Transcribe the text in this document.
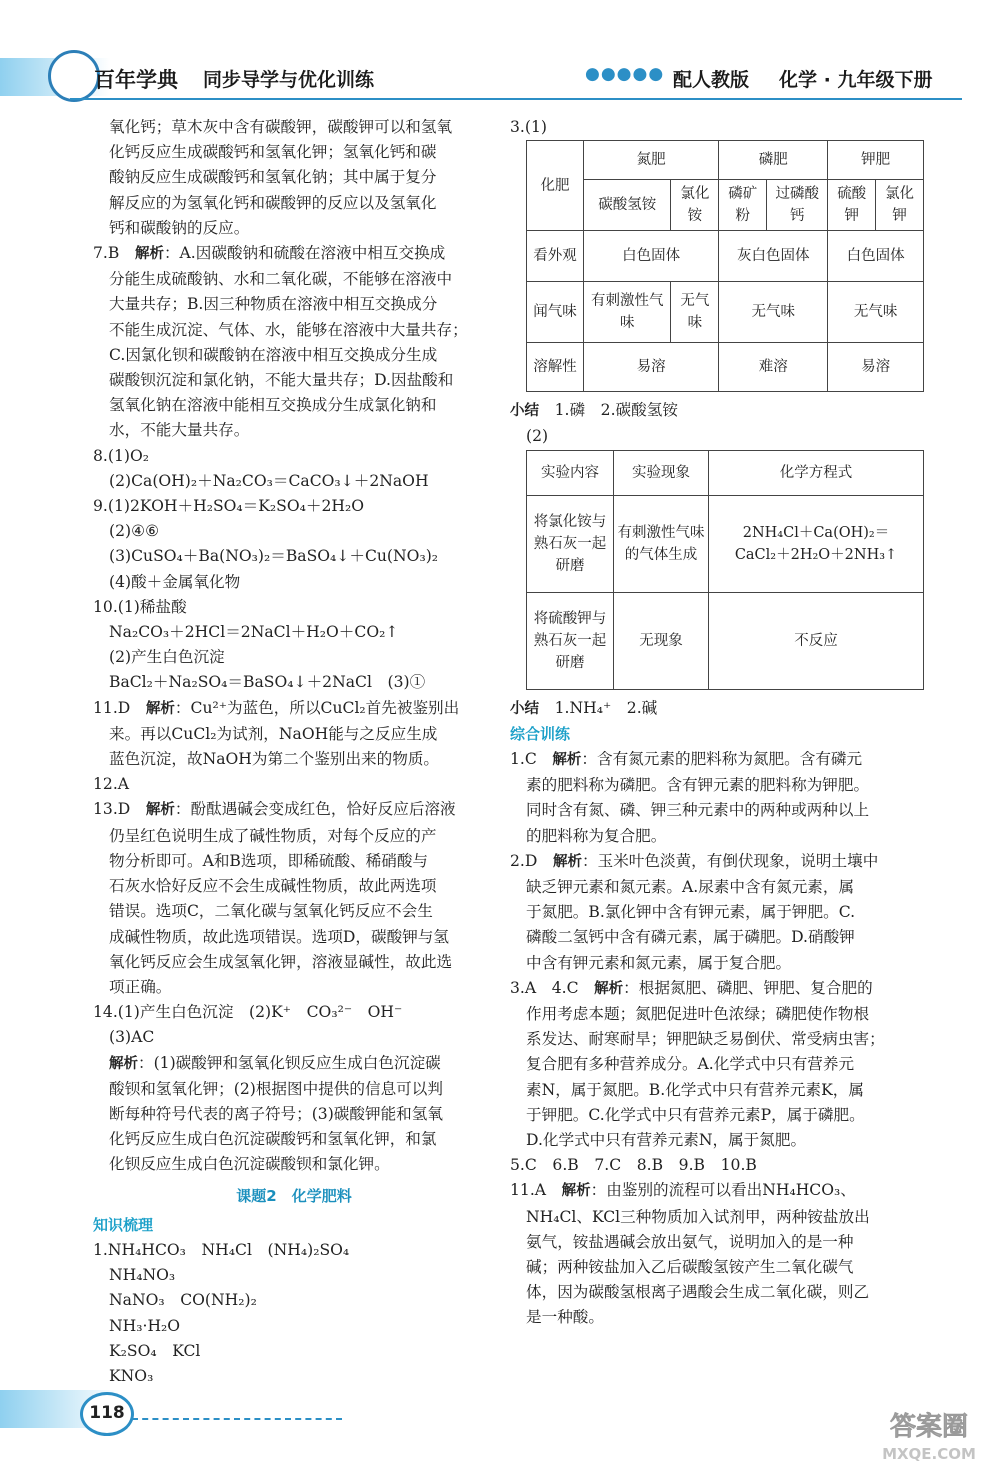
百年学典 同步导学与优化训练	●●●●● 配人教版 化学 · 九年级下册
氧化钙；草木灰中含有碳酸钾，碳酸钾可以和氢氧
化钙反应生成碳酸钙和氢氧化钾；氢氧化钙和碳
酸钠反应生成碳酸钙和氢氧化钠；其中属于复分
解反应的为氢氧化钙和碳酸钾的反应以及氢氧化
钙和碳酸钠的反应。
7.B　 解析：A.因碳酸钠和硫酸在溶液中相互交换成
分能生成硫酸钠、水和二氧化碳，不能够在溶液中
大量共存；B.因三种物质在溶液中相互交换成分
不能生成沉淀、气体、水，能够在溶液中大量共存；
C.因氯化钡和碳酸钠在溶液中相互交换成分生成
碳酸钡沉淀和氯化钠，不能大量共存；D.因盐酸和
氢氧化钠在溶液中能相互交换成分生成氯化钠和
水，不能大量共存。
8.(1)O₂
(2)Ca(OH)₂＋Na₂CO₃＝CaCO₃↓＋2NaOH
9.(1)2KOH＋H₂SO₄＝K₂SO₄＋2H₂O
(2)④⑥
(3)CuSO₄＋Ba(NO₃)₂＝BaSO₄↓＋Cu(NO₃)₂
(4)酸＋金属氧化物
10.(1)稀盐酸
Na₂CO₃＋2HCl＝2NaCl＋H₂O＋CO₂↑
(2)产生白色沉淀
BaCl₂＋Na₂SO₄＝BaSO₄↓＋2NaCl　(3)①
11.D　 解析：Cu²⁺为蓝色，所以CuCl₂首先被鉴别出
来。再以CuCl₂为试剂，NaOH能与之反应生成
蓝色沉淀，故NaOH为第二个鉴别出来的物质。
12.A
13.D　 解析：酚酞遇碱会变成红色，恰好反应后溶液
仍呈红色说明生成了碱性物质，对每个反应的产
物分析即可。A和B选项，即稀硫酸、稀硝酸与
石灰水恰好反应不会生成碱性物质，故此两选项
错误。选项C，二氧化碳与氢氧化钙反应不会生
成碱性物质，故此选项错误。选项D，碳酸钾与氢
氧化钙反应会生成氢氧化钾，溶液显碱性，故此选
项正确。
14.(1)产生白色沉淀　(2)K⁺　CO₃²⁻　OH⁻
(3)AC
解析：(1)碳酸钾和氢氧化钡反应生成白色沉淀碳
酸钡和氢氧化钾；(2)根据图中提供的信息可以判
断每种符号代表的离子符号；(3)碳酸钾能和氢氧
化钙反应生成白色沉淀碳酸钙和氢氧化钾，和氯
化钡反应生成白色沉淀碳酸钡和氯化钾。
课题2　化学肥料
知识梳理
1.NH₄HCO₃　NH₄Cl　(NH₄)₂SO₄
NH₄NO₃
NaNO₃　CO(NH₂)₂
NH₃·H₂O
K₂SO₄　KCl
KNO₃
3.(1)
化肥	氮肥		磷肥		钾肥	
	碳酸氢铵	氯化铵	磷矿粉	过磷酸钙	硫酸钾	氯化钾
看外观	白色固体		灰白色固体		白色固体	
闻气味	有刺激性气味	无气味	无气味		无气味	
溶解性	易溶		难溶		易溶	
小结　 1.磷　2.碳酸氢铵
(2)
实验内容	实验现象	化学方程式
将氯化铵与熟石灰一起研磨	有刺激性气味的气体生成	2NH₄Cl＋Ca(OH)₂＝
CaCl₂＋2H₂O＋2NH₃↑

将硫酸钾与熟石灰一起研磨	无现象	不反应
小结　 1.NH₄⁺　2.碱
综合训练
1.C　 解析：含有氮元素的肥料称为氮肥。含有磷元
素的肥料称为磷肥。含有钾元素的肥料称为钾肥。
同时含有氮、磷、钾三种元素中的两种或两种以上
的肥料称为复合肥。
2.D　 解析：玉米叶色淡黄，有倒伏现象，说明土壤中
缺乏钾元素和氮元素。A.尿素中含有氮元素，属
于氮肥。B.氯化钾中含有钾元素，属于钾肥。C.
磷酸二氢钙中含有磷元素，属于磷肥。D.硝酸钾
中含有钾元素和氮元素，属于复合肥。
3.A　4.C　 解析：根据氮肥、磷肥、钾肥、复合肥的
作用考虑本题；氮肥促进叶色浓绿；磷肥使作物根
系发达、耐寒耐旱；钾肥缺乏易倒伏、常受病虫害；
复合肥有多种营养成分。A.化学式中只有营养元
素N，属于氮肥。B.化学式中只有营养元素K，属
于钾肥。C.化学式中只有营养元素P，属于磷肥。
D.化学式中只有营养元素N，属于氮肥。
5.C　6.B　7.C　8.B　9.B　10.B
11.A　 解析：由鉴别的流程可以看出NH₄HCO₃、
NH₄Cl、KCl三种物质加入试剂甲，两种铵盐放出
氨气，铵盐遇碱会放出氨气，说明加入的是一种
碱；两种铵盐加入乙后碳酸氢铵产生二氧化碳气
体，因为碳酸氢根离子遇酸会生成二氧化碳，则乙
是一种酸。
118	答案圈
MXQE.COM
